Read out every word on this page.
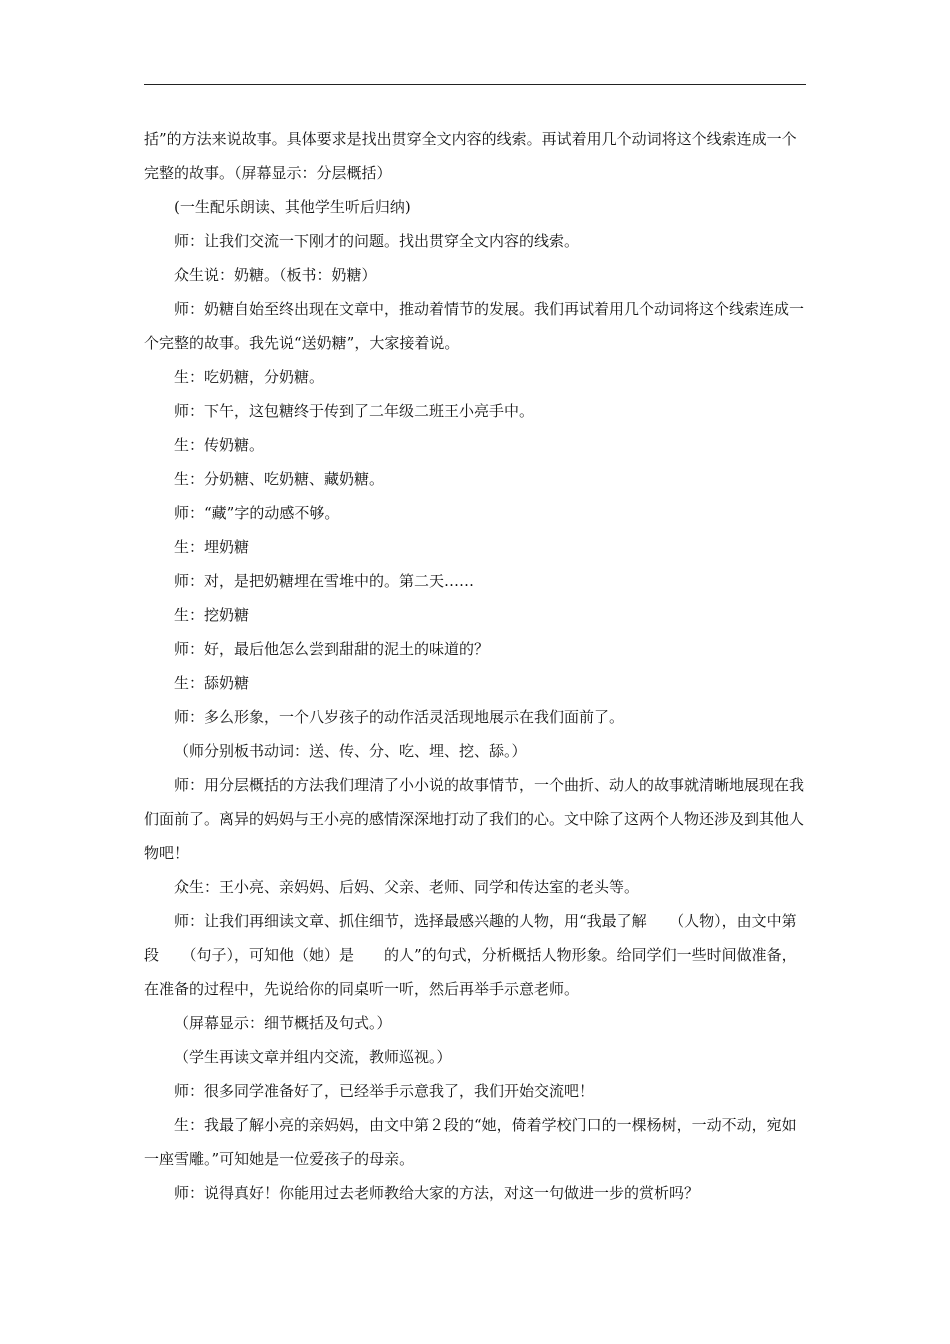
括”的方法来说故事。具体要求是找出贯穿全文内容的线索。再试着用几个动词将这个线索连成一个完整的故事。（屏幕显示：分层概括）

(一生配乐朗读、其他学生听后归纳)

师：让我们交流一下刚才的问题。找出贯穿全文内容的线索。

众生说：奶糖。（板书：奶糖）

师：奶糖自始至终出现在文章中，推动着情节的发展。我们再试着用几个动词将这个线索连成一个完整的故事。我先说“送奶糖”，大家接着说。

生：吃奶糖，分奶糖。

师：下午，这包糖终于传到了二年级二班王小亮手中。

生：传奶糖。

生：分奶糖、吃奶糖、藏奶糖。

师：“藏”字的动感不够。

生：埋奶糖

师：对，是把奶糖埋在雪堆中的。第二天……

生：挖奶糖

师：好，最后他怎么尝到甜甜的泥土的味道的？

生：舔奶糖

师：多么形象，一个八岁孩子的动作活灵活现地展示在我们面前了。

（师分别板书动词：送、传、分、吃、埋、挖、舔。）

师：用分层概括的方法我们理清了小小说的故事情节，一个曲折、动人的故事就清晰地展现在我们面前了。离异的妈妈与王小亮的感情深深地打动了我们的心。文中除了这两个人物还涉及到其他人物吧！

众生：王小亮、亲妈妈、后妈、父亲、老师、同学和传达室的老头等。

师：让我们再细读文章、抓住细节，选择最感兴趣的人物，用“我最了解　　（人物），由文中第　　段　　（句子），可知他（她）是　　的人”的句式，分析概括人物形象。给同学们一些时间做准备，在准备的过程中，先说给你的同桌听一听，然后再举手示意老师。

（屏幕显示：细节概括及句式。）

（学生再读文章并组内交流，教师巡视。）

师：很多同学准备好了，已经举手示意我了，我们开始交流吧！

生：我最了解小亮的亲妈妈，由文中第２段的“她，倚着学校门口的一棵杨树，一动不动，宛如一座雪雕。”可知她是一位爱孩子的母亲。

师：说得真好！你能用过去老师教给大家的方法，对这一句做进一步的赏析吗？
